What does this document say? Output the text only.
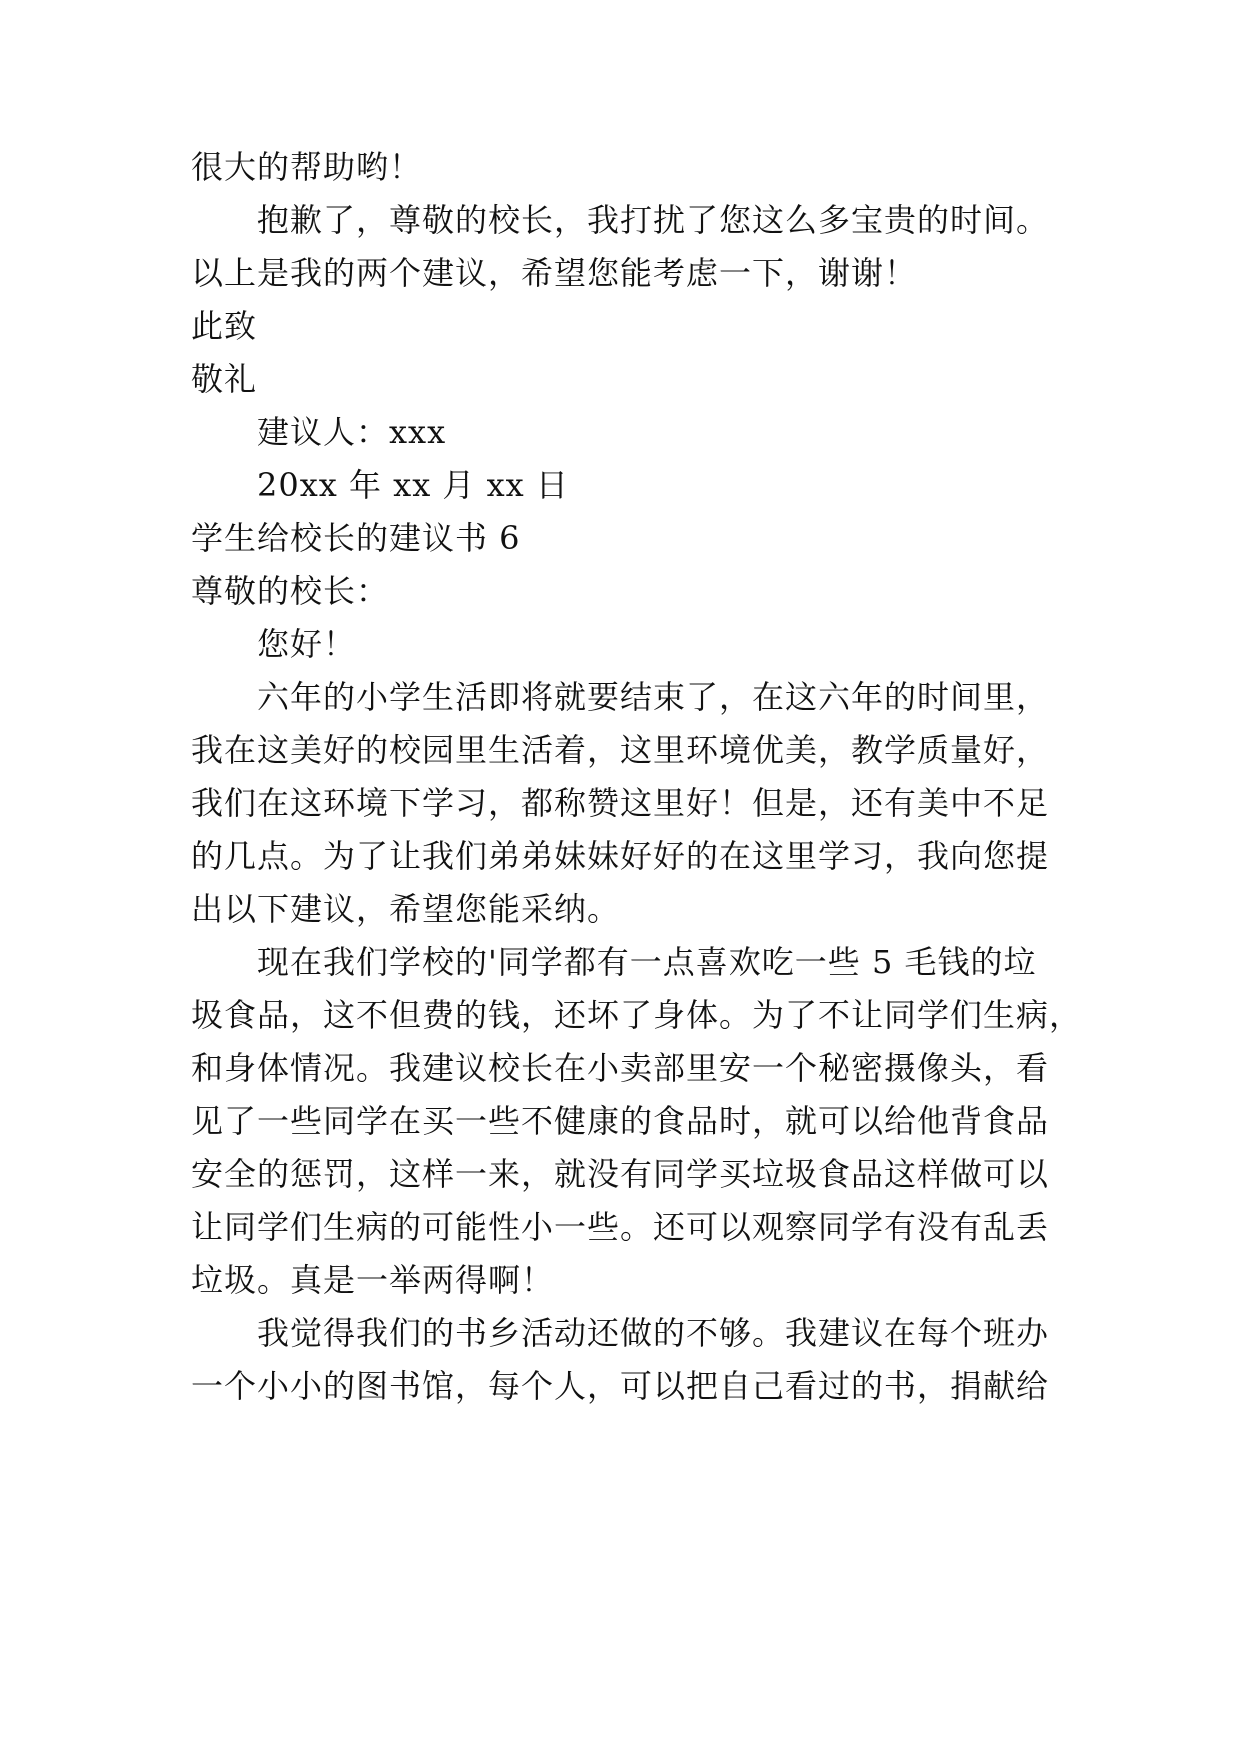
很大的帮助哟！
抱歉了，尊敬的校长，我打扰了您这么多宝贵的时间。
以上是我的两个建议，希望您能考虑一下，谢谢！
此致
敬礼
建议人：xxx
20xx 年 xx 月 xx 日
学生给校长的建议书 6
尊敬的校长：
您好！
六年的小学生活即将就要结束了，在这六年的时间里，
我在这美好的校园里生活着，这里环境优美，教学质量好，
我们在这环境下学习，都称赞这里好！但是，还有美中不足
的几点。为了让我们弟弟妹妹好好的在这里学习，我向您提
出以下建议，希望您能采纳。
现在我们学校的'同学都有一点喜欢吃一些 5 毛钱的垃
圾食品，这不但费的钱，还坏了身体。为了不让同学们生病，
和身体情况。我建议校长在小卖部里安一个秘密摄像头，看
见了一些同学在买一些不健康的食品时，就可以给他背食品
安全的惩罚，这样一来，就没有同学买垃圾食品这样做可以
让同学们生病的可能性小一些。还可以观察同学有没有乱丢
垃圾。真是一举两得啊！
我觉得我们的书乡活动还做的不够。我建议在每个班办
一个小小的图书馆，每个人，可以把自己看过的书，捐献给
